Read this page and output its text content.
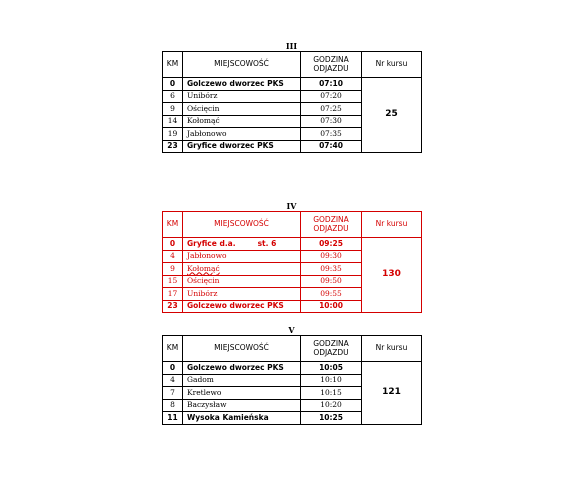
III
KM	MIEJSCOWOŚĆ	GODZINA ODJAZDU	Nr kursu
0	Golczewo dworzec PKS	07:10	25
6	Unibórz	07:20	
9	Ościęcin	07:25	
14	Kołomąć	07:30	
19	Jabłonowo	07:35	
23	Gryfice dworzec PKS	07:40	
IV
KM	MIEJSCOWOŚĆ	GODZINA ODJAZDU	Nr kursu
0	Gryfice d.a. st. 6	09:25	130
4	Jabłonowo	09:30	
9	Kołomąć	09:35	
15	Ościęcin	09:50	
17	Unibórz	09:55	
23	Golczewo dworzec PKS	10:00	
V
KM	MIEJSCOWOŚĆ	GODZINA ODJAZDU	Nr kursu
0	Golczewo dworzec PKS	10:05	121
4	Gadom	10:10	
7	Kretlewo	10:15	
8	Baczysław	10:20	
11	Wysoka Kamieńska	10:25	
